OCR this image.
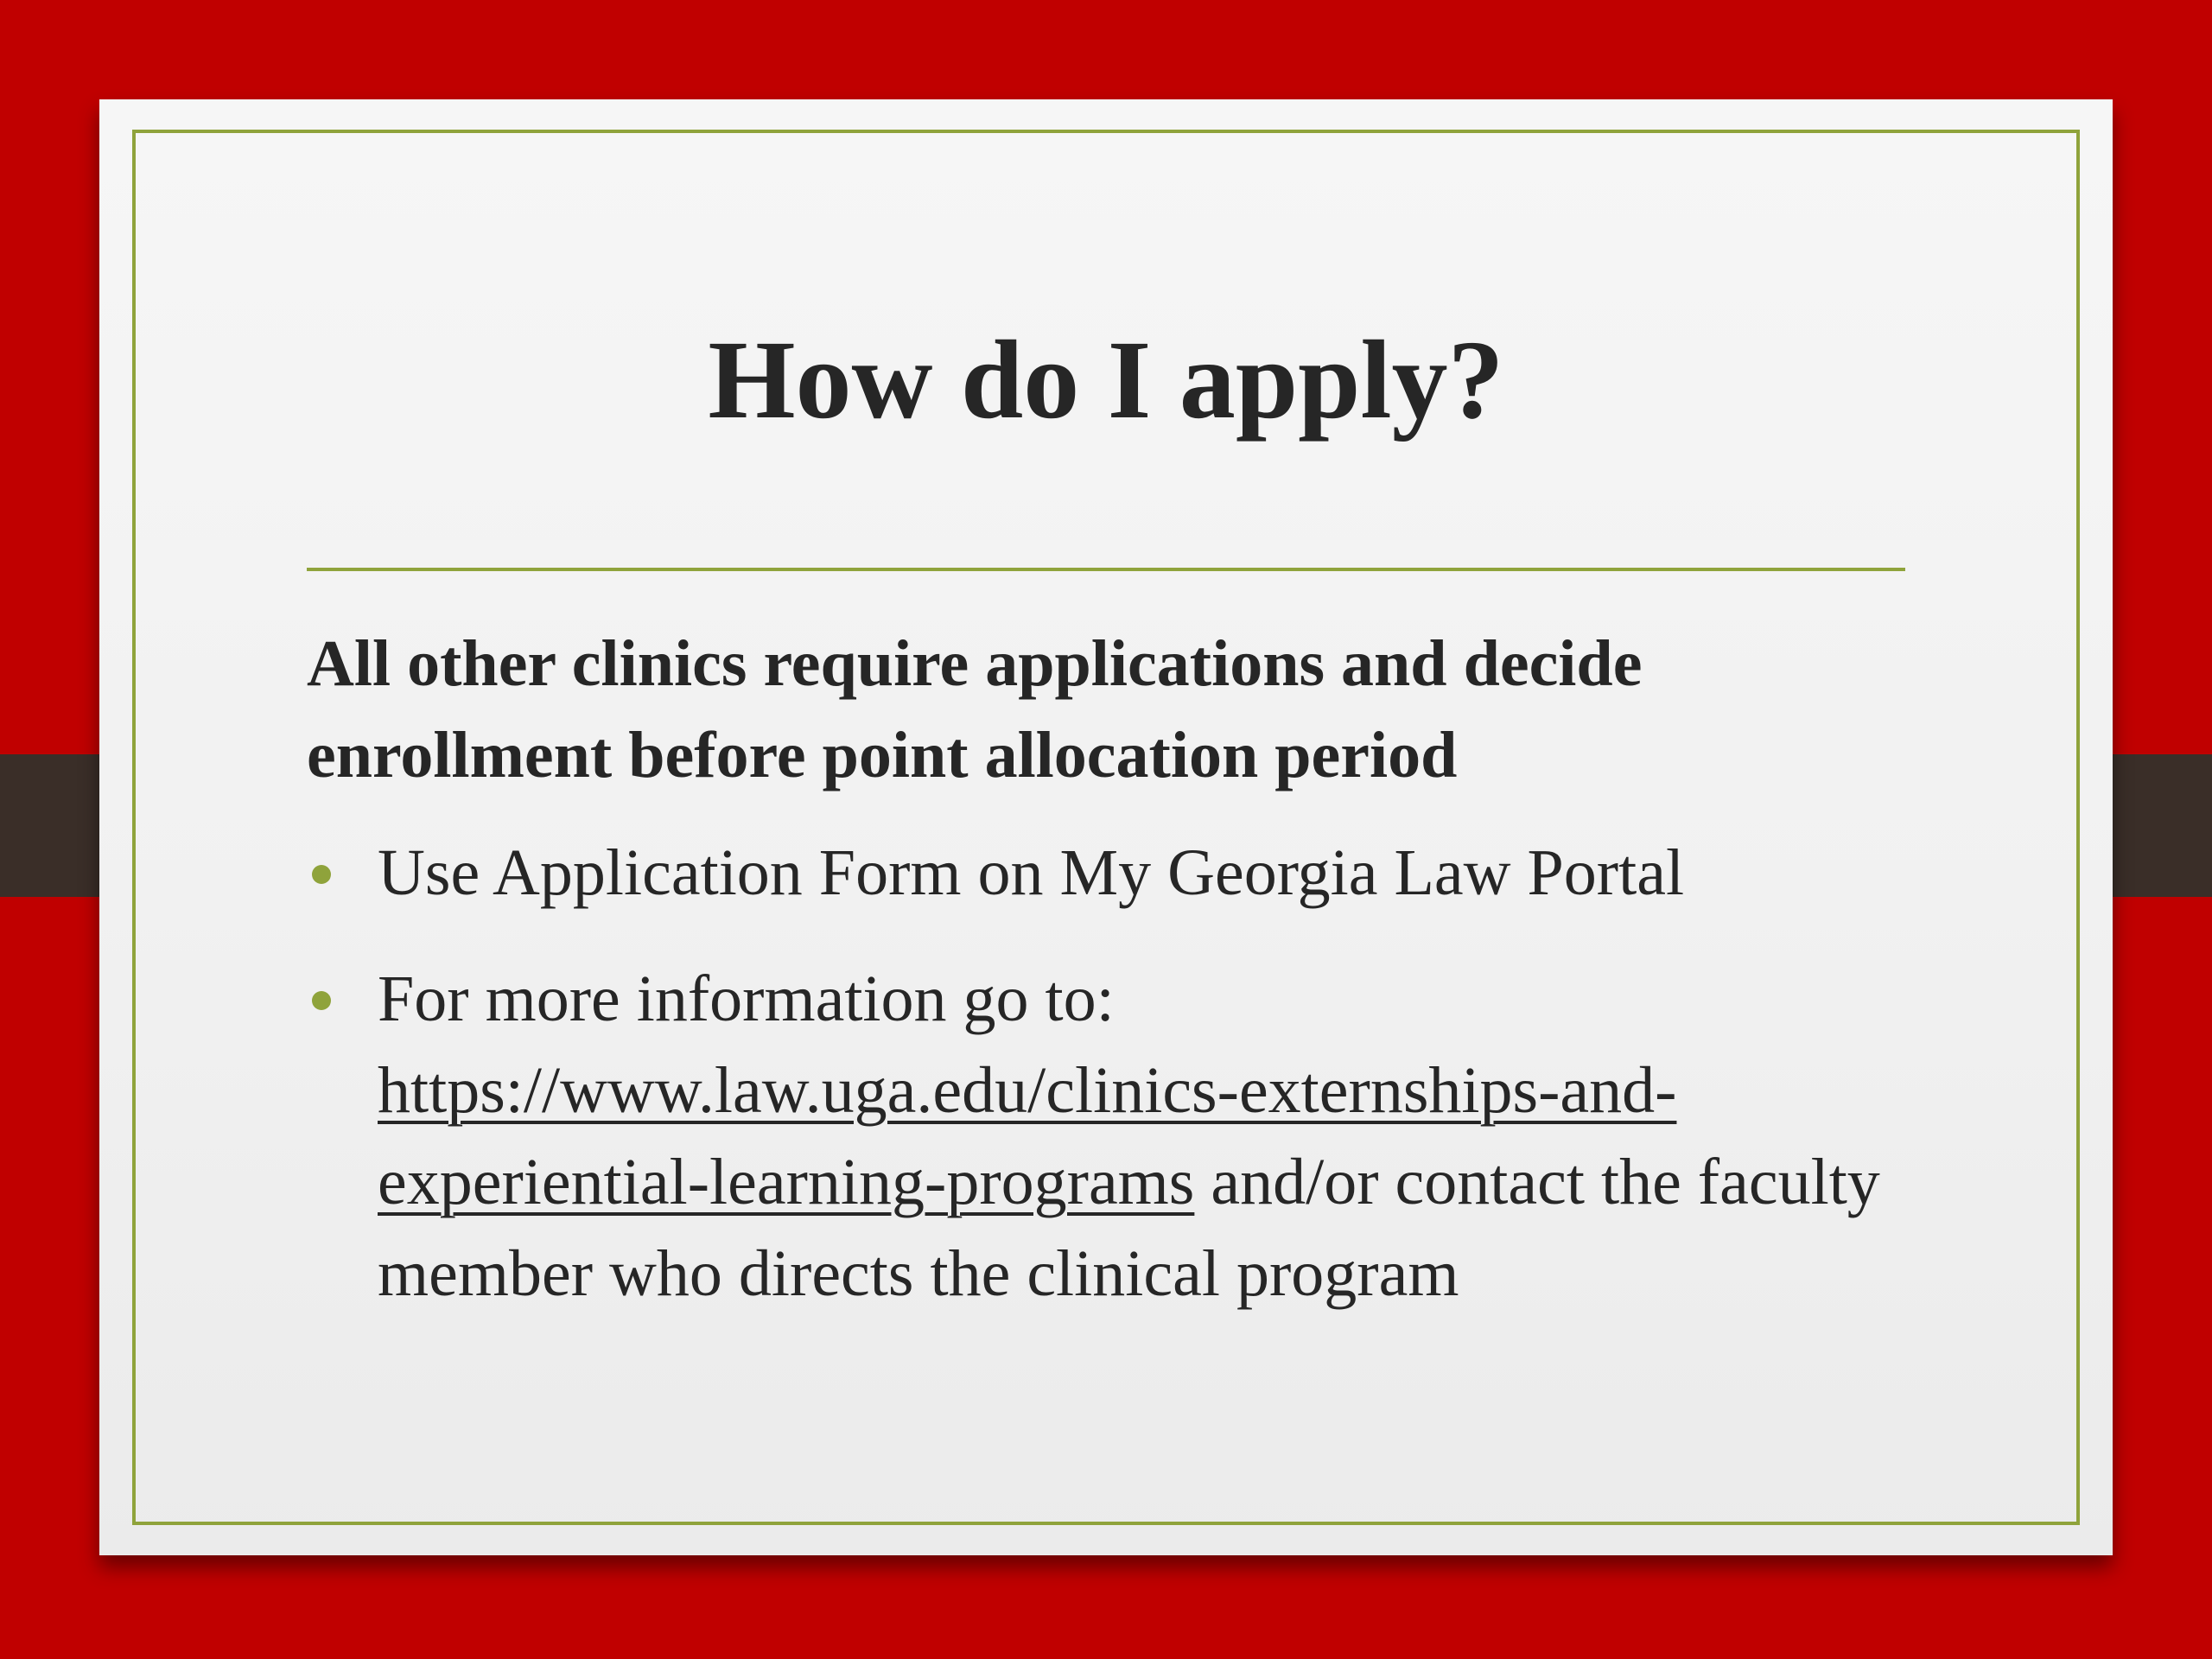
How do I apply?

All other clinics require applications and decide enrollment before point allocation period

Use Application Form on My Georgia Law Portal
For more information go to:
https://www.law.uga.edu/clinics-externships-and-experiential-learning-programs and/or contact the faculty member who directs the clinical program
